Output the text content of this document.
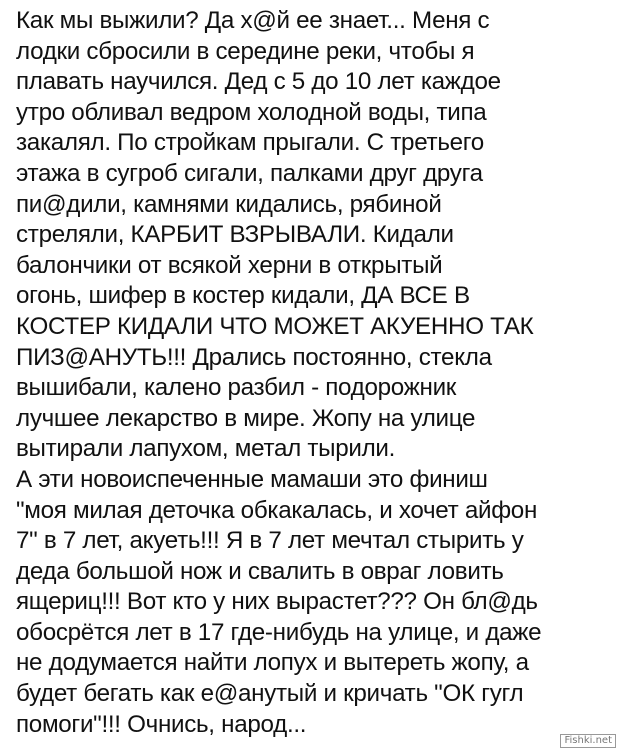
Как мы выжили? Да х@й ее знает... Меня с
лодки сбросили в середине реки, чтобы я
плавать научился. Дед с 5 до 10 лет каждое
утро обливал ведром холодной воды, типа
закалял. По стройкам прыгали. С третьего
этажа в сугроб сигали, палками друг друга
пи@дили, камнями кидались, рябиной
стреляли, КАРБИТ ВЗРЫВАЛИ. Кидали
балончики от всякой херни в открытый
огонь, шифер в костер кидали, ДА ВСЕ В
КОСТЕР КИДАЛИ ЧТО МОЖЕТ АКУЕННО ТАК
ПИЗ@АНУТЬ!!! Дрались постоянно, стекла
вышибали, калено разбил - подорожник
лучшее лекарство в мире. Жопу на улице
вытирали лапухом, метал тырили.
А эти новоиспеченные мамаши это финиш
"моя милая деточка обкакалась, и хочет айфон
7" в 7 лет, акуеть!!! Я в 7 лет мечтал стырить у
деда большой нож и свалить в овраг ловить
ящериц!!! Вот кто у них вырастет??? Он бл@дь
обосрётся лет в 17 где-нибудь на улице, и даже
не додумается найти лопух и вытереть жопу, а
будет бегать как е@анутый и кричать "ОК гугл
помоги"!!! Очнись, народ...
Fishki.net
